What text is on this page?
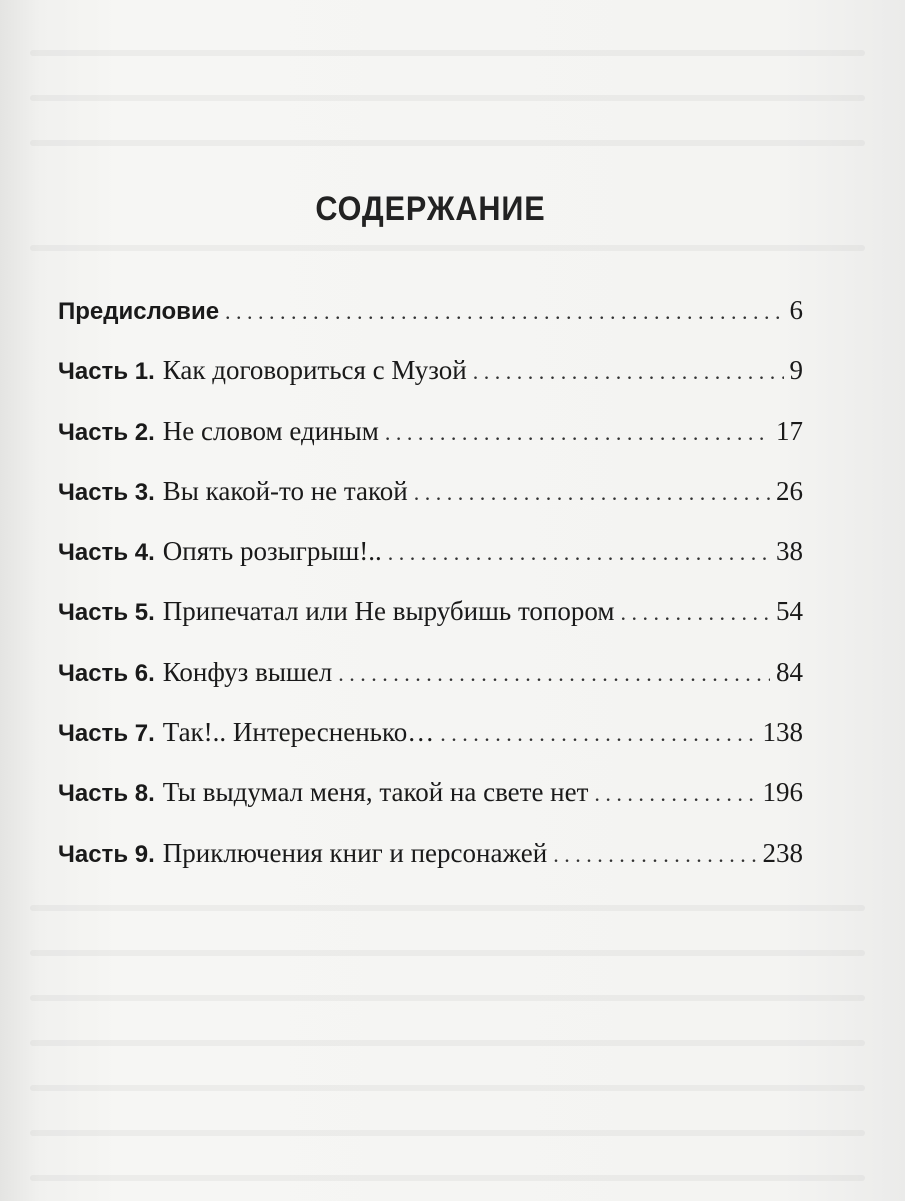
СОДЕРЖАНИЕ
Предисловие . . .	6
Часть 1. Как договориться с Музой . . .	9
Часть 2. Не словом единым . . .	17
Часть 3. Вы какой-то не такой . . .	26
Часть 4. Опять розыгрыш!.. . . .	38
Часть 5. Припечатал или Не вырубишь топором . . .	54
Часть 6. Конфуз вышел . . .	84
Часть 7. Так!.. Интересненько… . . .	138
Часть 8. Ты выдумал меня, такой на свете нет . . .	196
Часть 9. Приключения книг и персонажей . . .	238
